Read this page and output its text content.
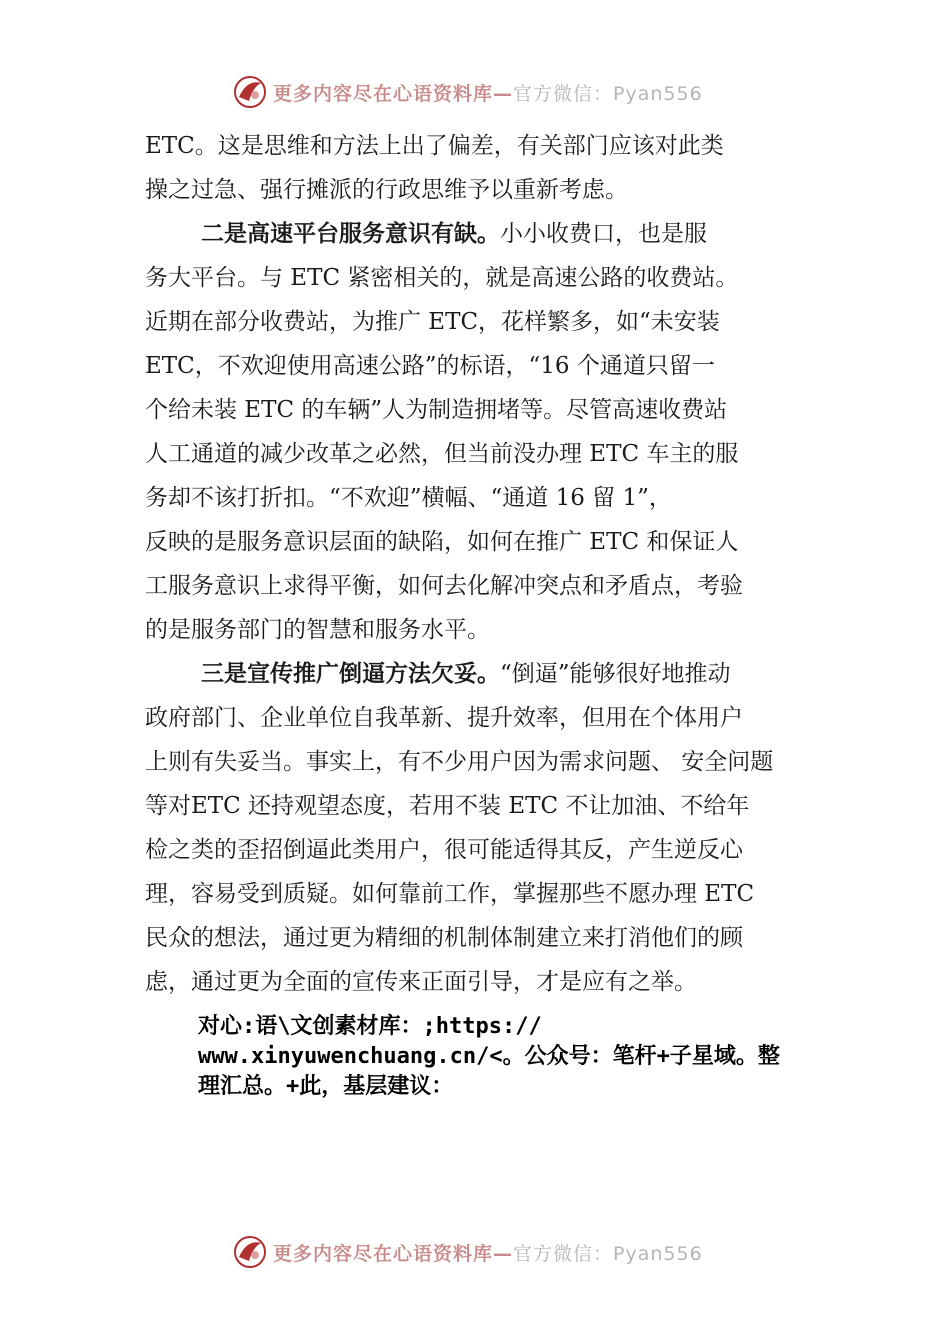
更多内容尽在心语资料库—官方微信：Pyan556
ETC。这是思维和方法上出了偏差，有关部门应该对此类
操之过急、强行摊派的行政思维予以重新考虑。
二是高速平台服务意识有缺。小小收费口，也是服
务大平台。与 ETC 紧密相关的，就是高速公路的收费站。
近期在部分收费站，为推广 ETC，花样繁多，如“未安装
ETC，不欢迎使用高速公路”的标语，“16 个通道只留一
个给未装 ETC 的车辆”人为制造拥堵等。尽管高速收费站
人工通道的减少改革之必然，但当前没办理 ETC 车主的服
务却不该打折扣。“不欢迎”横幅、“通道 16 留 1”，
反映的是服务意识层面的缺陷，如何在推广 ETC 和保证人
工服务意识上求得平衡，如何去化解冲突点和矛盾点，考验
的是服务部门的智慧和服务水平。
三是宣传推广倒逼方法欠妥。“倒逼”能够很好地推动
政府部门、企业单位自我革新、提升效率，但用在个体用户
上则有失妥当。事实上，有不少用户因为需求问题、 安全问题
等对ETC 还持观望态度，若用不装 ETC 不让加油、不给年
检之类的歪招倒逼此类用户，很可能适得其反，产生逆反心
理，容易受到质疑。如何靠前工作，掌握那些不愿办理 ETC
民众的想法，通过更为精细的机制体制建立来打消他们的顾
虑，通过更为全面的宣传来正面引导，才是应有之举。
对心:语\文创素材库：;https://
www.xinyuwenchuang.cn/<。公众号：笔杆+子星域。整
理汇总。+此，基层建议：
更多内容尽在心语资料库—官方微信：Pyan556
